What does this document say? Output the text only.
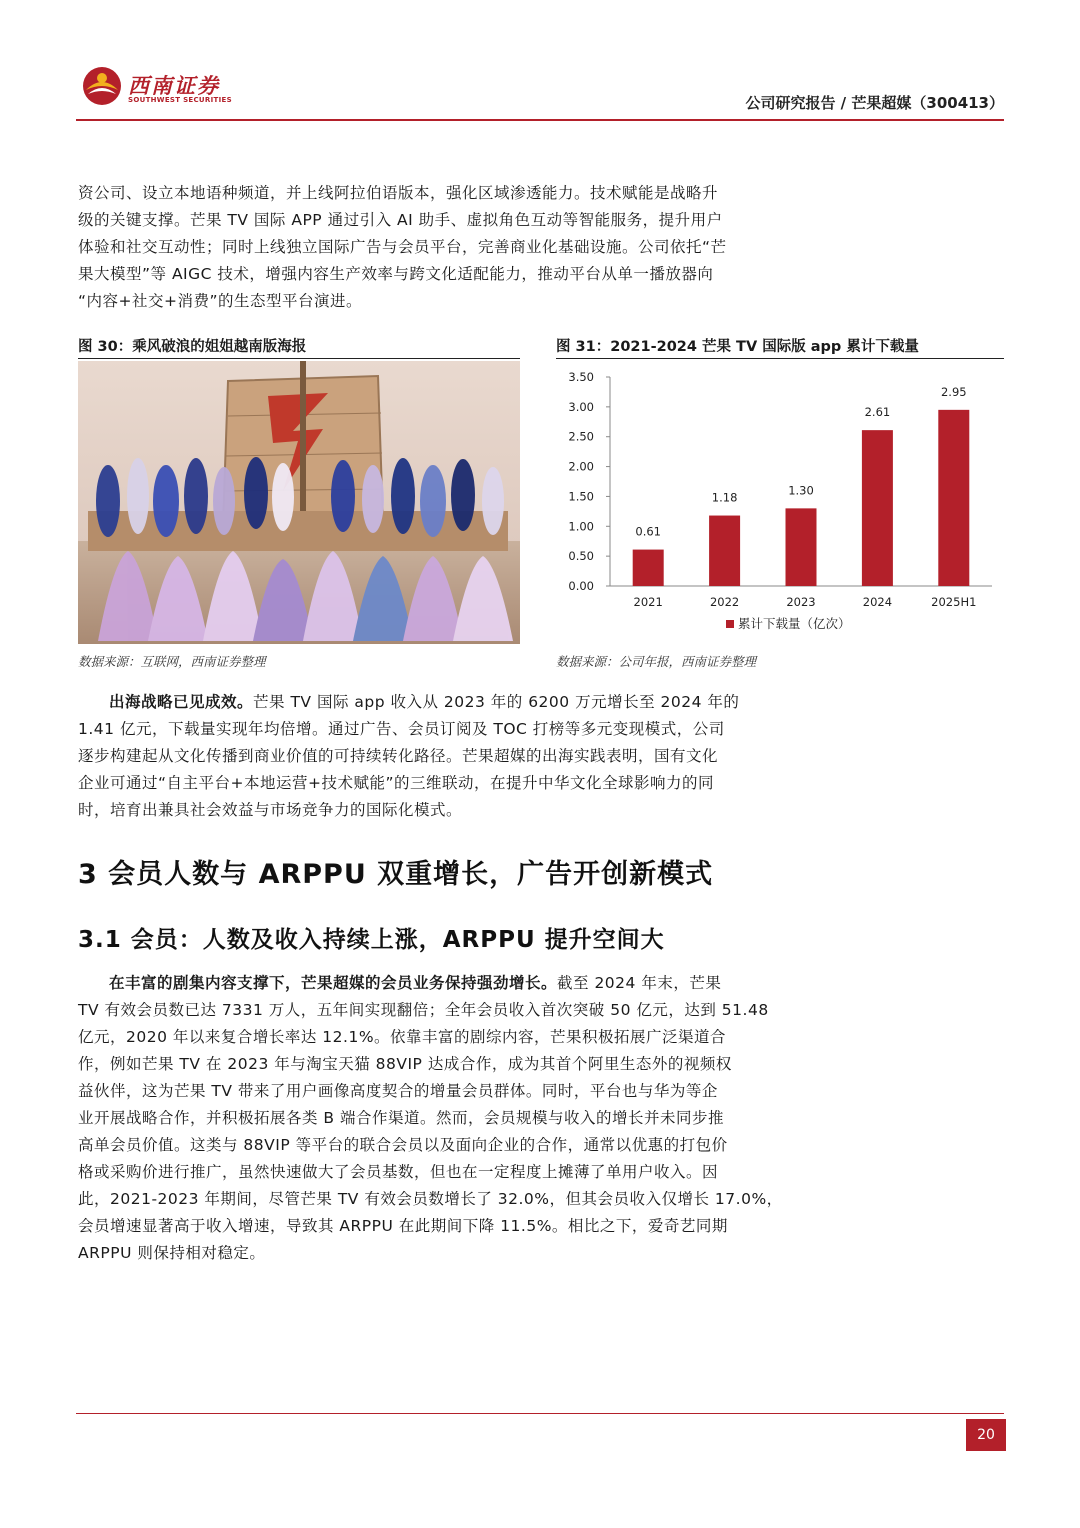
西南证券
SOUTHWEST SECURITIES	公司研究报告 / 芒果超媒（300413）

资公司、设立本地语种频道，并上线阿拉伯语版本，强化区域渗透能力。技术赋能是战略升

级的关键支撑。芒果 TV 国际 APP 通过引入 AI 助手、虚拟角色互动等智能服务，提升用户

体验和社交互动性；同时上线独立国际广告与会员平台，完善商业化基础设施。公司依托“芒

果大模型”等 AIGC 技术，增强内容生产效率与跨文化适配能力，推动平台从单一播放器向

“内容+社交+消费”的生态型平台演进。

图 30：乘风破浪的姐姐越南版海报
数据来源：互联网，西南证券整理
图 31：2021-2024 芒果 TV 国际版 app 累计下载量
0.00
0.50
1.00
1.50
2.00
2.50
3.00
3.50
0.61
2021
1.18
2022
1.30
2023
2.61
2024
2.95
2025H1
累计下载量（亿次）
数据来源：公司年报，西南证券整理

出海战略已见成效。芒果 TV 国际 app 收入从 2023 年的 6200 万元增长至 2024 年的

1.41 亿元，下载量实现年均倍增。通过广告、会员订阅及 TOC 打榜等多元变现模式，公司

逐步构建起从文化传播到商业价值的可持续转化路径。芒果超媒的出海实践表明，国有文化

企业可通过“自主平台+本地运营+技术赋能”的三维联动，在提升中华文化全球影响力的同

时，培育出兼具社会效益与市场竞争力的国际化模式。

3 会员人数与 ARPPU 双重增长，广告开创新模式
3.1 会员：人数及收入持续上涨，ARPPU 提升空间大

在丰富的剧集内容支撑下，芒果超媒的会员业务保持强劲增长。截至 2024 年末，芒果

TV 有效会员数已达 7331 万人，五年间实现翻倍；全年会员收入首次突破 50 亿元，达到 51.48

亿元，2020 年以来复合增长率达 12.1%。依靠丰富的剧综内容，芒果积极拓展广泛渠道合

作，例如芒果 TV 在 2023 年与淘宝天猫 88VIP 达成合作，成为其首个阿里生态外的视频权

益伙伴，这为芒果 TV 带来了用户画像高度契合的增量会员群体。同时，平台也与华为等企

业开展战略合作，并积极拓展各类 B 端合作渠道。然而，会员规模与收入的增长并未同步推

高单会员价值。这类与 88VIP 等平台的联合会员以及面向企业的合作，通常以优惠的打包价

格或采购价进行推广，虽然快速做大了会员基数，但也在一定程度上摊薄了单用户收入。因

此，2021-2023 年期间，尽管芒果 TV 有效会员数增长了 32.0%，但其会员收入仅增长 17.0%，

会员增速显著高于收入增速，导致其 ARPPU 在此期间下降 11.5%。相比之下，爱奇艺同期

ARPPU 则保持相对稳定。

20
